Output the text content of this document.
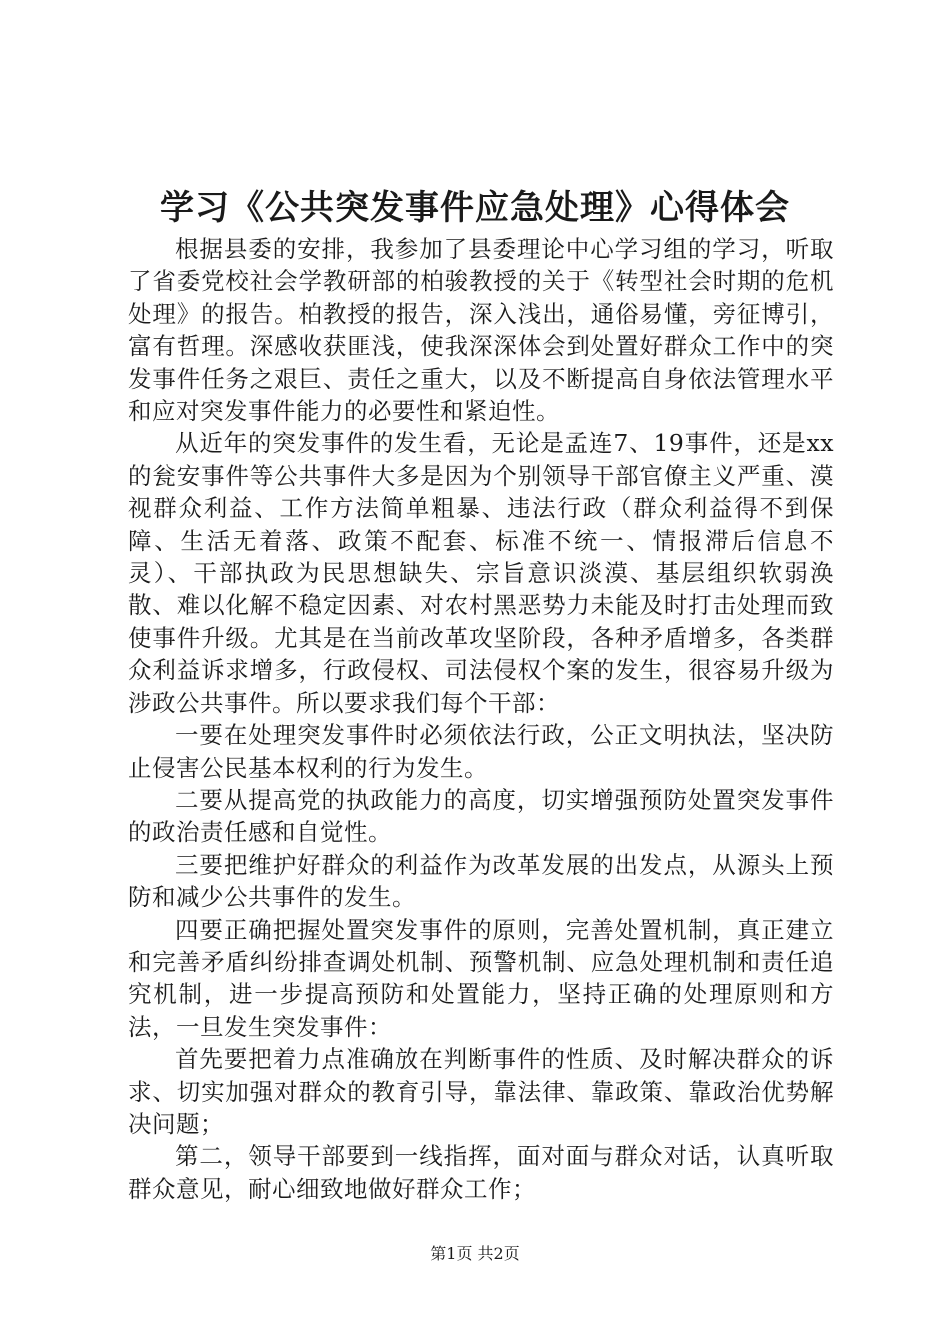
学习《公共突发事件应急处理》心得体会

根据县委的安排，我参加了县委理论中心学习组的学习，听取了省委党校社会学教研部的柏骏教授的关于《转型社会时期的危机处理》的报告。柏教授的报告，深入浅出，通俗易懂，旁征博引，富有哲理。深感收获匪浅，使我深深体会到处置好群众工作中的突发事件任务之艰巨、责任之重大，以及不断提高自身依法管理水平和应对突发事件能力的必要性和紧迫性。

从近年的突发事件的发生看，无论是孟连7、19事件，还是xx的瓮安事件等公共事件大多是因为个别领导干部官僚主义严重、漠视群众利益、工作方法简单粗暴、违法行政（群众利益得不到保障、生活无着落、政策不配套、标准不统一、情报滞后信息不灵）、干部执政为民思想缺失、宗旨意识淡漠、基层组织软弱涣散、难以化解不稳定因素、对农村黑恶势力未能及时打击处理而致使事件升级。尤其是在当前改革攻坚阶段，各种矛盾增多，各类群众利益诉求增多，行政侵权、司法侵权个案的发生，很容易升级为涉政公共事件。所以要求我们每个干部：

一要在处理突发事件时必须依法行政，公正文明执法，坚决防止侵害公民基本权利的行为发生。

二要从提高党的执政能力的高度，切实增强预防处置突发事件的政治责任感和自觉性。

三要把维护好群众的利益作为改革发展的出发点，从源头上预防和减少公共事件的发生。

四要正确把握处置突发事件的原则，完善处置机制，真正建立和完善矛盾纠纷排查调处机制、预警机制、应急处理机制和责任追究机制，进一步提高预防和处置能力，坚持正确的处理原则和方法，一旦发生突发事件：

首先要把着力点准确放在判断事件的性质、及时解决群众的诉求、切实加强对群众的教育引导，靠法律、靠政策、靠政治优势解决问题；

第二，领导干部要到一线指挥，面对面与群众对话，认真听取群众意见，耐心细致地做好群众工作；

第1页 共2页
